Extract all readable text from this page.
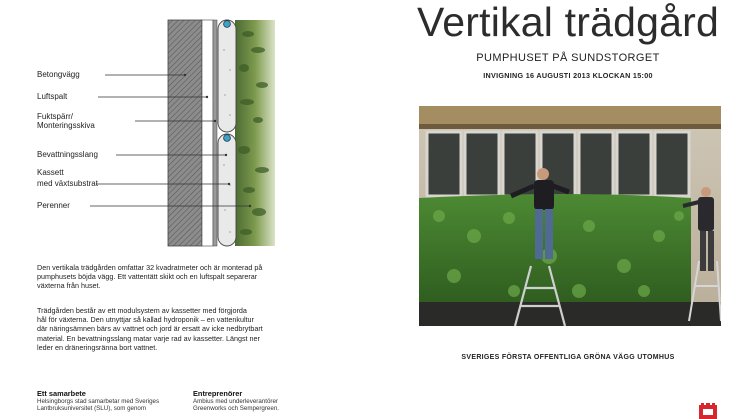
Betongvägg
Luftspalt
Fuktspärr/
Monteringsskiva
Bevattningsslang
Kassett
med växtsubstrat
Perenner
Den vertikala trädgården omfattar 32 kvadratmeter och är monterad på
pumphusets böjda vägg. Ett vattentätt skikt och en luftspalt separerar
växterna från huset.
Trädgården består av ett modulsystem av kassetter med förgjorda
hål för växterna. Den utnyttjar så kallad hydroponik – en vattenkultur
där näringsämnen bärs av vattnet och jord är ersatt av icke nedbrytbart
material. En bevattningsslang matar varje rad av kassetter. Längst ner
leder en dräneringsränna bort vattnet.
Ett samarbete
Helsingborgs stad samarbetar med Sveriges
Lantbruksuniversitet (SLU), som genom
Entreprenörer
Ambius med underleverantörer
Greenworks och Sempergreen.
Vertikal trädgård
PUMPHUSET PÅ SUNDSTORGET
INVIGNING 16 AUGUSTI 2013 KLOCKAN 15:00
SVERIGES FÖRSTA OFFENTLIGA GRÖNA VÄGG UTOMHUS
